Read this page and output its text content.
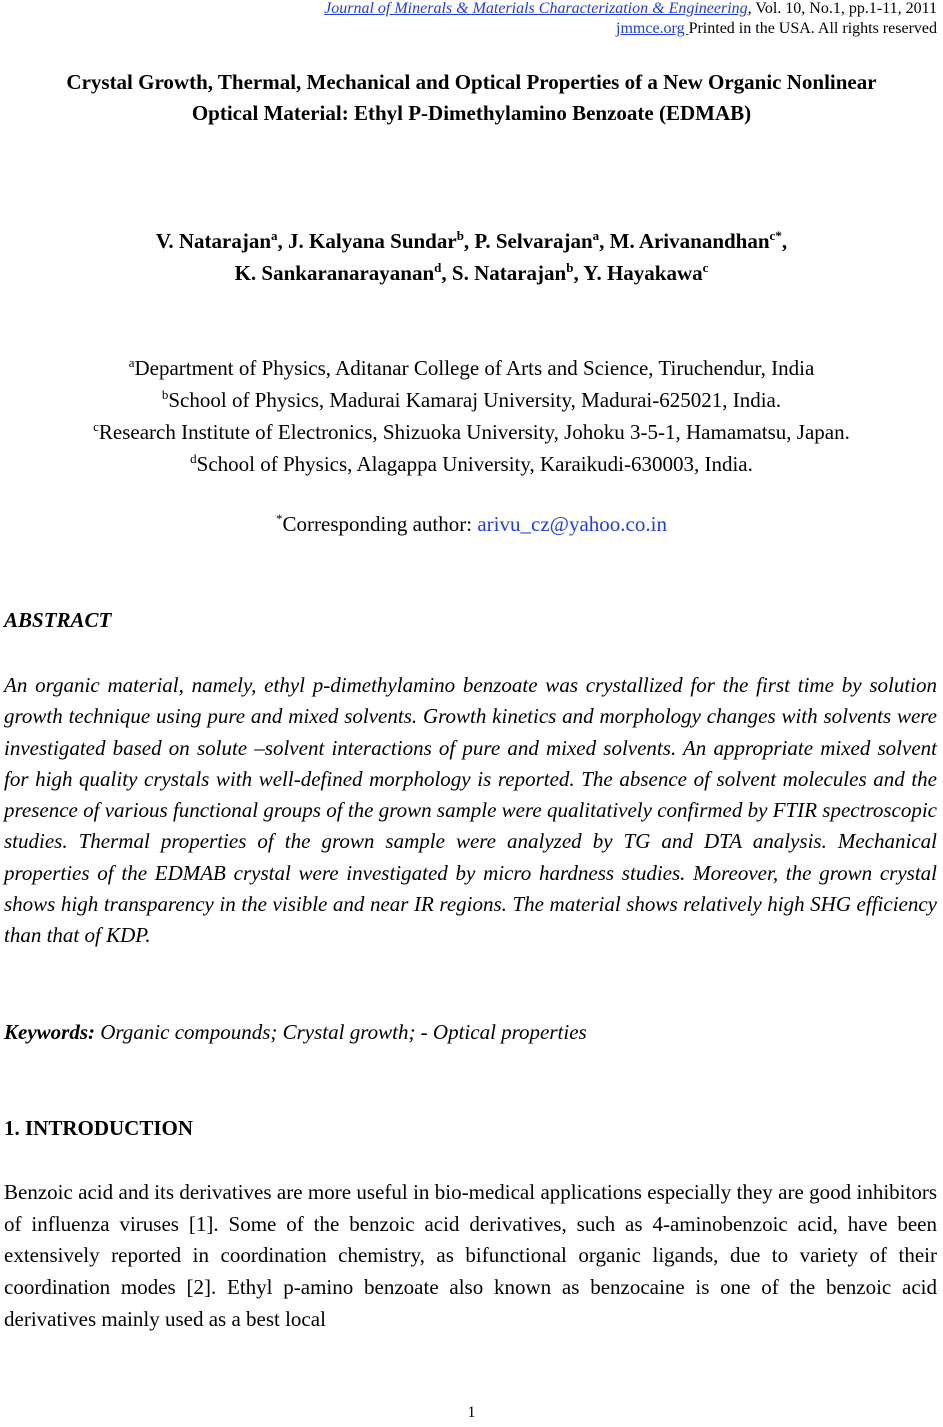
Journal of Minerals & Materials Characterization & Engineering, Vol. 10, No.1, pp.1-11, 2011
jmmce.org Printed in the USA. All rights reserved
Crystal Growth, Thermal, Mechanical and Optical Properties of a New Organic Nonlinear
Optical Material: Ethyl P-Dimethylamino Benzoate (EDMAB)
V. Natarajan$^a$, J. Kalyana Sundar$^b$, P. Selvarajan$^a$, M. Arivanandhan$^{c*}$,
K. Sankaranarayanan$^d$, S. Natarajan$^b$, Y. Hayakawa$^c$
$^a$Department of Physics, Aditanar College of Arts and Science, Tiruchendur, India
$^b$School of Physics, Madurai Kamaraj University, Madurai-625021, India.
$^c$Research Institute of Electronics, Shizuoka University, Johoku 3-5-1, Hamamatsu, Japan.
$^d$School of Physics, Alagappa University, Karaikudi-630003, India.
*Corresponding author: arivu_cz@yahoo.co.in
ABSTRACT
An organic material, namely, ethyl p-dimethylamino benzoate was crystallized for the first time by solution growth technique using pure and mixed solvents. Growth kinetics and morphology changes with solvents were investigated based on solute –solvent interactions of pure and mixed solvents. An appropriate mixed solvent for high quality crystals with well-defined morphology is reported. The absence of solvent molecules and the presence of various functional groups of the grown sample were qualitatively confirmed by FTIR spectroscopic studies. Thermal properties of the grown sample were analyzed by TG and DTA analysis. Mechanical properties of the EDMAB crystal were investigated by micro hardness studies. Moreover, the grown crystal shows high transparency in the visible and near IR regions. The material shows relatively high SHG efficiency than that of KDP.
Keywords: Organic compounds; Crystal growth; - Optical properties
1. INTRODUCTION
Benzoic acid and its derivatives are more useful in bio-medical applications especially they are good inhibitors of influenza viruses [1]. Some of the benzoic acid derivatives, such as 4-aminobenzoic acid, have been extensively reported in coordination chemistry, as bifunctional organic ligands, due to variety of their coordination modes [2]. Ethyl p-amino benzoate also known as benzocaine is one of the benzoic acid derivatives mainly used as a best local
1
